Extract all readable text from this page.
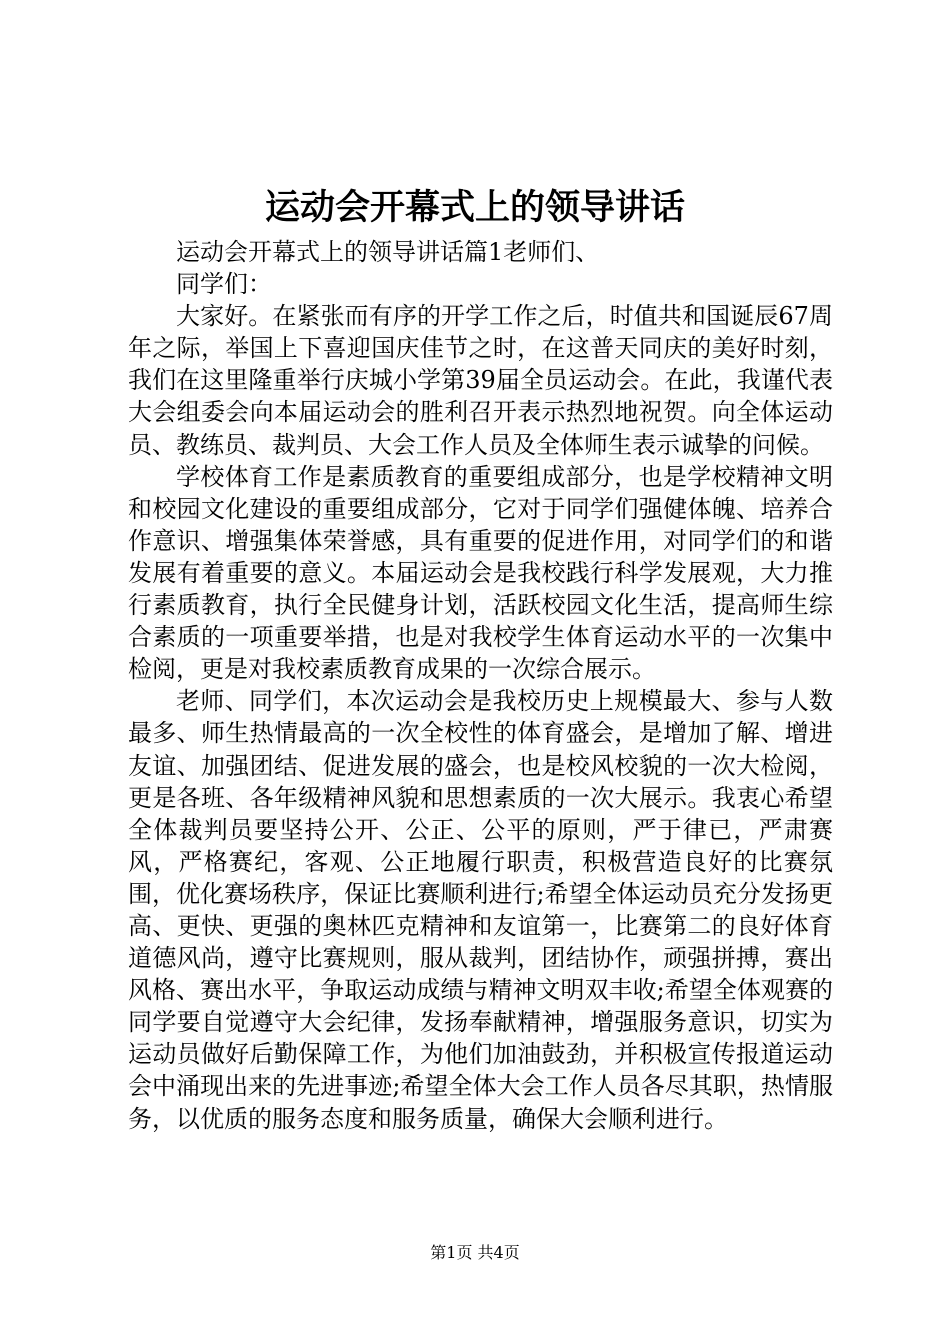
运动会开幕式上的领导讲话

运动会开幕式上的领导讲话篇1老师们、

同学们：

大家好。在紧张而有序的开学工作之后，时值共和国诞辰67周年之际，举国上下喜迎国庆佳节之时，在这普天同庆的美好时刻，我们在这里隆重举行庆城小学第39届全员运动会。在此，我谨代表大会组委会向本届运动会的胜利召开表示热烈地祝贺。向全体运动员、教练员、裁判员、大会工作人员及全体师生表示诚挚的问候。

学校体育工作是素质教育的重要组成部分，也是学校精神文明和校园文化建设的重要组成部分，它对于同学们强健体魄、培养合作意识、增强集体荣誉感，具有重要的促进作用，对同学们的和谐发展有着重要的意义。本届运动会是我校践行科学发展观，大力推行素质教育，执行全民健身计划，活跃校园文化生活，提高师生综合素质的一项重要举措，也是对我校学生体育运动水平的一次集中检阅，更是对我校素质教育成果的一次综合展示。

老师、同学们，本次运动会是我校历史上规模最大、参与人数最多、师生热情最高的一次全校性的体育盛会，是增加了解、增进友谊、加强团结、促进发展的盛会，也是校风校貌的一次大检阅，更是各班、各年级精神风貌和思想素质的一次大展示。我衷心希望全体裁判员要坚持公开、公正、公平的原则，严于律已，严肃赛风，严格赛纪，客观、公正地履行职责，积极营造良好的比赛氛围，优化赛场秩序，保证比赛顺利进行;希望全体运动员充分发扬更高、更快、更强的奥林匹克精神和友谊第一，比赛第二的良好体育道德风尚，遵守比赛规则，服从裁判，团结协作，顽强拼搏，赛出风格、赛出水平，争取运动成绩与精神文明双丰收;希望全体观赛的同学要自觉遵守大会纪律，发扬奉献精神，增强服务意识，切实为运动员做好后勤保障工作，为他们加油鼓劲，并积极宣传报道运动会中涌现出来的先进事迹;希望全体大会工作人员各尽其职，热情服务，以优质的服务态度和服务质量，确保大会顺利进行。

第1页 共4页
